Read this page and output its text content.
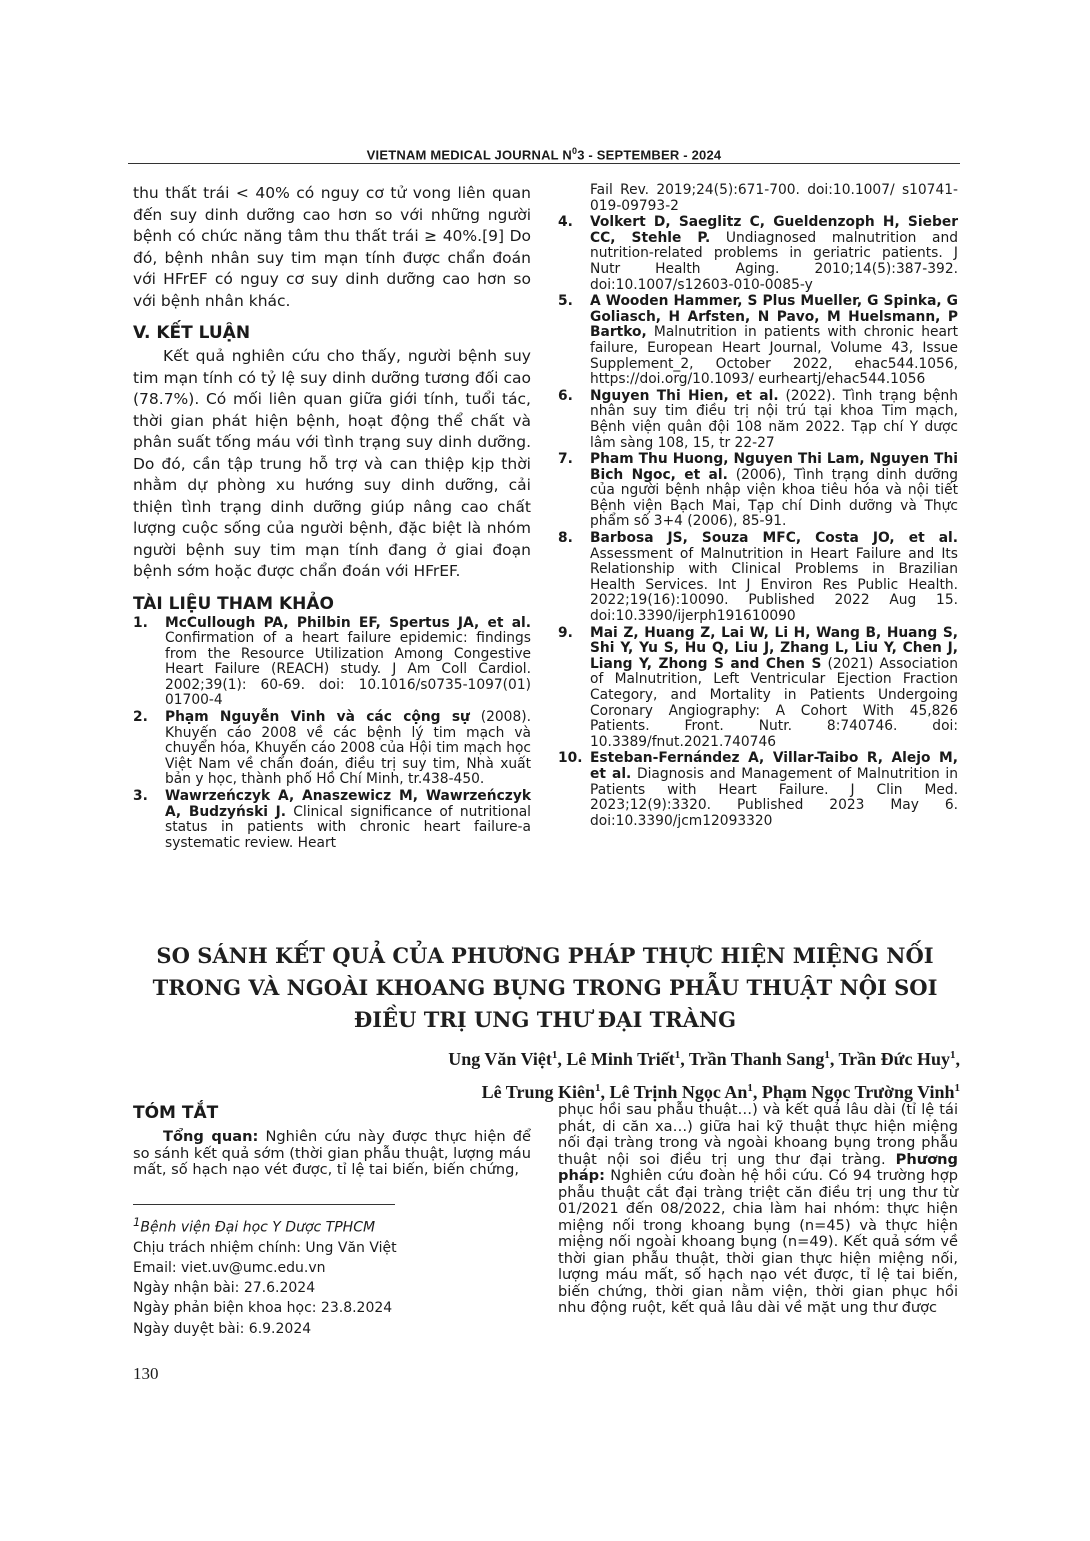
VIETNAM MEDICAL JOURNAL $N^03$ - SEPTEMBER - 2024

thu thất trái < 40% có nguy cơ tử vong liên quan đến suy dinh dưỡng cao hơn so với những người bệnh có chức năng tâm thu thất trái ≥ 40%.[9] Do đó, bệnh nhân suy tim mạn tính được chẩn đoán với HFrEF có nguy cơ suy dinh dưỡng cao hơn so với bệnh nhân khác.

V. KẾT LUẬN

Kết quả nghiên cứu cho thấy, người bệnh suy tim mạn tính có tỷ lệ suy dinh dưỡng tương đối cao (78.7%). Có mối liên quan giữa giới tính, tuổi tác, thời gian phát hiện bệnh, hoạt động thể chất và phân suất tống máu với tình trạng suy dinh dưỡng. Do đó, cần tập trung hỗ trợ và can thiệp kịp thời nhằm dự phòng xu hướng suy dinh dưỡng, cải thiện tình trạng dinh dưỡng giúp nâng cao chất lượng cuộc sống của người bệnh, đặc biệt là nhóm người bệnh suy tim mạn tính đang ở giai đoạn bệnh sớm hoặc được chẩn đoán với HFrEF.

TÀI LIỆU THAM KHẢO
1. McCullough PA, Philbin EF, Spertus JA, et al. Confirmation of a heart failure epidemic: findings from the Resource Utilization Among Congestive Heart Failure (REACH) study. J Am Coll Cardiol. 2002;39(1): 60-69. doi: 10.1016/s0735-1097(01) 01700-4
2. Phạm Nguyễn Vinh và các cộng sự (2008). Khuyến cáo 2008 về các bệnh lý tim mạch và chuyển hóa, Khuyến cáo 2008 của Hội tim mạch học Việt Nam về chẩn đoán, điều trị suy tim, Nhà xuất bản y học, thành phố Hồ Chí Minh, tr.438-450.
3. Wawrzeńczyk A, Anaszewicz M, Wawrzeńczyk A, Budzyński J. Clinical significance of nutritional status in patients with chronic heart failure-a systematic review. Heart
Fail Rev. 2019;24(5):671-700. doi:10.1007/ s10741-019-09793-2
4. Volkert D, Saeglitz C, Gueldenzoph H, Sieber CC, Stehle P. Undiagnosed malnutrition and nutrition-related problems in geriatric patients. J Nutr Health Aging. 2010;14(5):387-392. doi:10.1007/s12603-010-0085-y
5. A Wooden Hammer, S Plus Mueller, G Spinka, G Goliasch, H Arfsten, N Pavo, M Huelsmann, P Bartko, Malnutrition in patients with chronic heart failure, European Heart Journal, Volume 43, Issue Supplement_2, October 2022, ehac544.1056, https://doi.org/10.1093/ eurheartj/ehac544.1056
6. Nguyen Thi Hien, et al. (2022). Tình trạng bệnh nhân suy tim điều trị nội trú tại khoa Tim mạch, Bệnh viện quân đội 108 năm 2022. Tạp chí Y dược lâm sàng 108, 15, tr 22-27
7. Pham Thu Huong, Nguyen Thi Lam, Nguyen Thi Bich Ngoc, et al. (2006), Tình trạng dinh dưỡng của người bệnh nhập viện khoa tiêu hóa và nội tiết Bệnh viện Bạch Mai, Tạp chí Dinh dưỡng và Thực phẩm số 3+4 (2006), 85-91.
8. Barbosa JS, Souza MFC, Costa JO, et al. Assessment of Malnutrition in Heart Failure and Its Relationship with Clinical Problems in Brazilian Health Services. Int J Environ Res Public Health. 2022;19(16):10090. Published 2022 Aug 15. doi:10.3390/ijerph191610090
9. Mai Z, Huang Z, Lai W, Li H, Wang B, Huang S, Shi Y, Yu S, Hu Q, Liu J, Zhang L, Liu Y, Chen J, Liang Y, Zhong S and Chen S (2021) Association of Malnutrition, Left Ventricular Ejection Fraction Category, and Mortality in Patients Undergoing Coronary Angiography: A Cohort With 45,826 Patients. Front. Nutr. 8:740746. doi: 10.3389/fnut.2021.740746
10. Esteban-Fernández A, Villar-Taibo R, Alejo M, et al. Diagnosis and Management of Malnutrition in Patients with Heart Failure. J Clin Med. 2023;12(9):3320. Published 2023 May 6. doi:10.3390/jcm12093320
SO SÁNH KẾT QUẢ CỦA PHƯƠNG PHÁP THỰC HIỆN MIỆNG NỐI
TRONG VÀ NGOÀI KHOANG BỤNG TRONG PHẪU THUẬT NỘI SOI
ĐIỀU TRỊ UNG THƯ ĐẠI TRÀNG
Ung Văn Việt$^1$, Lê Minh Triết$^1$, Trần Thanh Sang$^1$, Trần Đức Huy$^1$,
Lê Trung Kiên$^1$, Lê Trịnh Ngọc An$^1$, Phạm Ngọc Trường Vinh$^1$
TÓM TẮT

Tổng quan: Nghiên cứu này được thực hiện để so sánh kết quả sớm (thời gian phẫu thuật, lượng máu mất, số hạch nạo vét được, tỉ lệ tai biến, biến chứng,

phục hồi sau phẫu thuật…) và kết quả lâu dài (tỉ lệ tái phát, di căn xa…) giữa hai kỹ thuật thực hiện miệng nối đại tràng trong và ngoài khoang bụng trong phẫu thuật nội soi điều trị ung thư đại tràng. Phương pháp: Nghiên cứu đoàn hệ hồi cứu. Có 94 trường hợp phẫu thuật cắt đại tràng triệt căn điều trị ung thư từ 01/2021 đến 08/2022, chia làm hai nhóm: thực hiện miệng nối trong khoang bụng (n=45) và thực hiện miệng nối ngoài khoang bụng (n=49). Kết quả sớm về thời gian phẫu thuật, thời gian thực hiện miệng nối, lượng máu mất, số hạch nạo vét được, tỉ lệ tai biến, biến chứng, thời gian nằm viện, thời gian phục hồi nhu động ruột, kết quả lâu dài về mặt ung thư được

$^1$Bệnh viện Đại học Y Dược TPHCM
Chịu trách nhiệm chính: Ung Văn Việt
Email: viet.uv@umc.edu.vn
Ngày nhận bài: 27.6.2024
Ngày phản biện khoa học: 23.8.2024
Ngày duyệt bài: 6.9.2024
130
